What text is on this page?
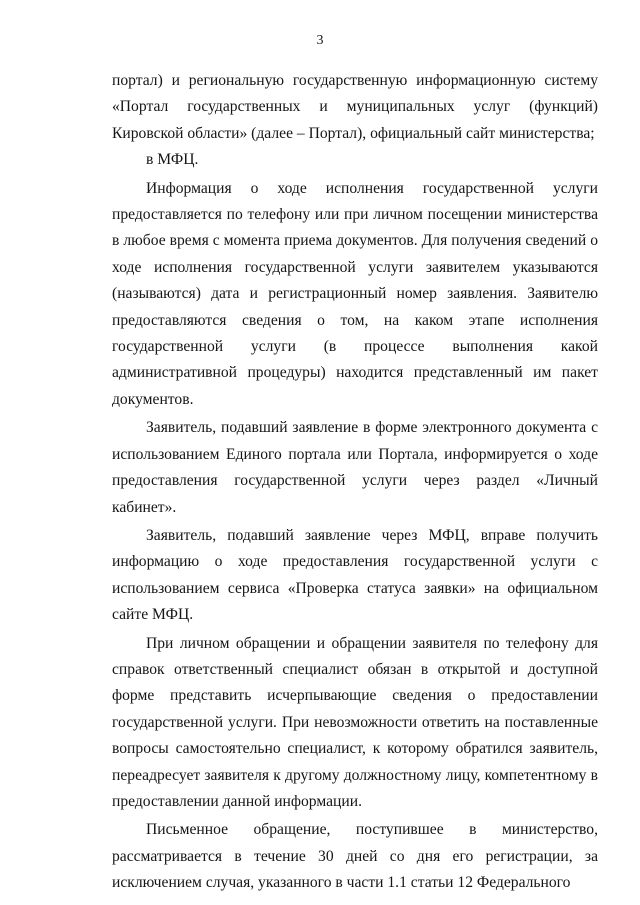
3

портал) и региональную государственную информационную систему «Портал государственных и муниципальных услуг (функций) Кировской области» (далее – Портал), официальный сайт министерства;

в МФЦ.

Информация о ходе исполнения государственной услуги предоставляется по телефону или при личном посещении министерства в любое время с момента приема документов. Для получения сведений о ходе исполнения государственной услуги заявителем указываются (называются) дата и регистрационный номер заявления. Заявителю предоставляются сведения о том, на каком этапе исполнения государственной услуги (в процессе выполнения какой административной процедуры) находится представленный им пакет документов.

Заявитель, подавший заявление в форме электронного документа с использованием Единого портала или Портала, информируется о ходе предоставления государственной услуги через раздел «Личный кабинет».

Заявитель, подавший заявление через МФЦ, вправе получить информацию о ходе предоставления государственной услуги с использованием сервиса «Проверка статуса заявки» на официальном сайте МФЦ.

При личном обращении и обращении заявителя по телефону для справок ответственный специалист обязан в открытой и доступной форме представить исчерпывающие сведения о предоставлении государственной услуги. При невозможности ответить на поставленные вопросы самостоятельно специалист, к которому обратился заявитель, переадресует заявителя к другому должностному лицу, компетентному в предоставлении данной информации.

Письменное обращение, поступившее в министерство, рассматривается в течение 30 дней со дня его регистрации, за исключением случая, указанного в части 1.1 статьи 12 Федерального
